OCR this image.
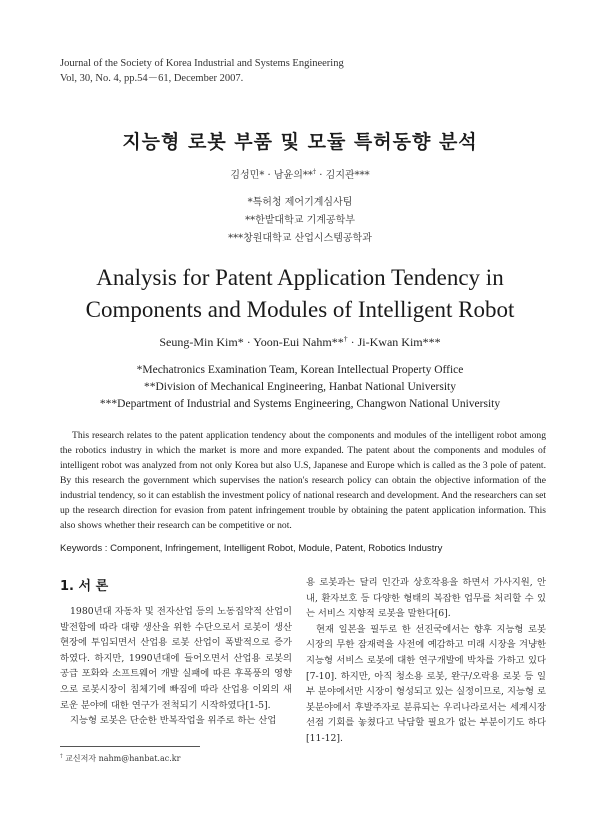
Journal of the Society of Korea Industrial and Systems Engineering
Vol, 30, No. 4, pp.54－61, December 2007.
지능형 로봇 부품 및 모듈 특허동향 분석
김성민* · 남윤의**† · 김지관***
*특허청 제어기계심사팀
**한밭대학교 기계공학부
***창원대학교 산업시스템공학과
Analysis for Patent Application Tendency in
Components and Modules of Intelligent Robot
Seung-Min Kim* · Yoon-Eui Nahm**† · Ji-Kwan Kim***
*Mechatronics Examination Team, Korean Intellectual Property Office
**Division of Mechanical Engineering, Hanbat National University
***Department of Industrial and Systems Engineering, Changwon National University

This research relates to the patent application tendency about the components and modules of the intelligent robot among the robotics industry in which the market is more and more expanded. The patent about the components and modules of intelligent robot was analyzed from not only Korea but also U.S, Japanese and Europe which is called as the 3 pole of patent. By this research the government which supervises the nation's research policy can obtain the objective information of the industrial tendency, so it can establish the investment policy of national research and development. And the researchers can set up the research direction for evasion from patent infringement trouble by obtaining the patent application information. This also shows whether their research can be competitive or not.

Keywords : Component, Infringement, Intelligent Robot, Module, Patent, Robotics Industry
1. 서 론

1980년대 자동차 및 전자산업 등의 노동집약적 산업이 발전함에 따라 대량 생산을 위한 수단으로서 로봇이 생산현장에 투입되면서 산업용 로봇 산업이 폭발적으로 증가하였다. 하지만, 1990년대에 들어오면서 산업용 로봇의 공급 포화와 소프트웨어 개발 실패에 따른 후폭풍의 영향으로 로봇시장이 침체기에 빠짐에 따라 산업용 이외의 새로운 분야에 대한 연구가 전척되기 시작하였다[1-5].

지능형 로봇은 단순한 반복작업을 위주로 하는 산업

용 로봇과는 달리 인간과 상호작용을 하면서 가사지원, 안내, 환자보호 등 다양한 형태의 복잡한 업무를 처리할 수 있는 서비스 지향적 로봇을 말한다[6].

현재 일본을 필두로 한 선진국에서는 향후 지능형 로봇 시장의 무한 잠재력을 사전에 예감하고 미래 시장을 겨냥한 지능형 서비스 로봇에 대한 연구개발에 박차를 가하고 있다[7-10]. 하지만, 아직 청소용 로봇, 완구/오락용 로봇 등 일부 분야에서만 시장이 형성되고 있는 실정이므로, 지능형 로봇분야에서 후발주자로 분류되는 우리나라로서는 세계시장 선점 기회를 놓쳤다고 낙담할 필요가 없는 부분이기도 하다[11-12].

† 교신저자 nahm@hanbat.ac.kr
